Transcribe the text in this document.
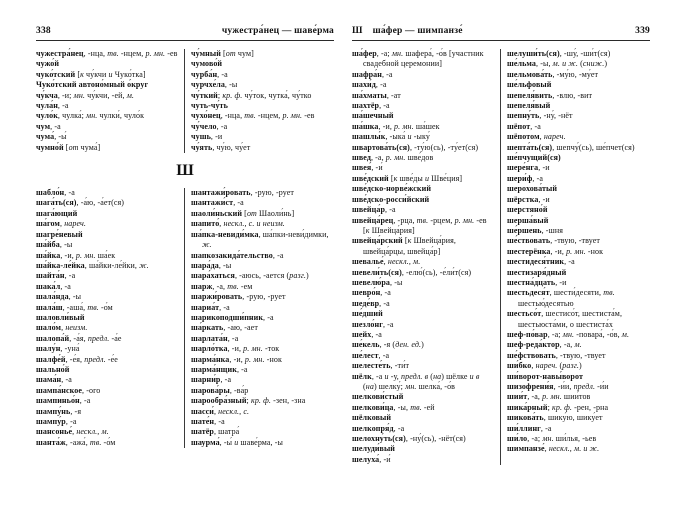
338	чужестра́нец — шаве́рма
чужестра́нец, -нца, тв. -нцем, р. мн. -ев
чужо́й
чуко́тский [к чу́кчи и Чуко́тка]
Чуко́тский автоно́мный о́круг
чу́кча, -и; мн. чу́кчи, -ей, м.
чула́н, -а
чуло́к, чулка́; мн. чулки́, чуло́к
чум, -а
чума́, -ы́
чумно́й [от чума́]
чу́мный [от чум]
чумово́й
чурба́н, -а
чурчхе́ла, -ы
чу́ткий; кр. ф. чу́ток, чутка́, чу́тко
чуть-чу́ть
чухо́нец, -нца, тв. -нцем, р. мн. -ев
чу́чело, -а
чушь, -и
чу́ять, чу́ю, чу́ет
Ш
шабло́н, -а
шага́ть(ся), -а́ю, -а́ет(ся)
шага́ющий
ша́гом, нареч.
шагре́невый
ша́йба, -ы
ша́йка, -и, р. мн. ша́ек
ша́йка-ле́йка, ша́йки-ле́йки, ж.
шайта́н, -а
шака́л, -а
шала́нда, -ы
шала́ш, -аша́, тв. -о́м
шаловли́вый
шало́м, неизм.
шалопа́й, -а́я, предл. -а́е
шалу́н, -уна́
шалфе́й, -е́я, предл. -е́е
шально́й
шама́н, -а
шампа́нское, -ого
шампиньо́н, -а
шампу́нь, -я
шампу́р, -а
шансонье́, нескл., м.
шанта́ж, -ажа́, тв. -о́м
шантажи́ровать, -рую, -рует
шантажи́ст, -а
шаоли́ньский [от Шаоли́нь]
шапито́, нескл., с. и неизм.
ша́пка-невиди́мка, ша́пки-неви́димки, ж.
шапкозакида́тельство, -а
шара́да, -ы
шара́хаться, -аюсь, -ается (разг.)
шарж, -а, тв. -ем
шаржи́ровать, -рую, -рует
шариа́т, -а
шарикоподши́пник, -а
ша́ркать, -аю, -ает
шарлата́н, -а
шарло́тка, -и, р. мн. -ток
шарма́нка, -и, р. мн. -нок
шарма́нщик, -а
шарни́р, -а
шарова́ры, -ва́р
шарообра́зный; кр. ф. -зен, -зна
шасси́, нескл., с.
шате́н, -а
шатёр, шатра́
шаурма́, -ы́ и шаве́рма, -ы
Ш ша́фер — шимпанзе́	339
ша́фер, -а; мн. шафера́, -о́в [участник свадебной церемонии]
шафра́н, -а
шахи́д, -а
ша́хматы, -ат
шахтёр, -а
ша́шечный
ша́шка, -и, р. мн. ша́шек
шашлы́к, -ыка́ и -ыку́
швартова́ть(ся), -ту́ю(сь), -ту́ет(ся)
швед, -а, р. мн. шве́дов
швея́, -и́
шве́дский [к шве́ды и Шве́ция]
шве́дско-норве́жский
шве́дско-росси́йский
швейца́р, -а
швейца́рец, -рца, тв. -рцем, р. мн. -ев [к Швейца́рия]
швейца́рский [к Швейца́рия, швейца́рцы, швейца́р]
шевалье́, нескл., м.
шевели́ть(ся), -елю́(сь), -е́ли́т(ся)
шевелю́ра, -ы
шевро́н, -а
шеде́вр, -а
ше́дший
шезло́нг, -а
шейх, -а
ше́кель, -я (ден. ед.)
ше́лест, -а
шелесте́ть, -ти́т
шёлк, -а и -у, предл. в (на) шёлке и в (на) шелку́; мн. шелка́, -о́в
шелкови́стый
шелкови́ца, -ы, тв. -ей
шёлковый
шелкопря́д, -а
шелохну́ть(ся), -ну́(сь), -нёт(ся)
шелуди́вый
шелуха́, -и́
шелуши́ть(ся), -шу́, -ши́т(ся)
ше́льма, -ы, м. и ж. (сниж.)
шельмова́ть, -му́ю, -му́ет
ше́льфовый
шепеля́вить, -влю, -вит
шепеля́вый
шепну́ть, -ну́, -нёт
шёпот, -а
шёпотом, нареч.
шепта́ть(ся), шепчу́(сь), ше́пчет(ся)
ше́пчущий(ся)
шере́нга, -и
шери́ф, -а
шерохова́тый
шёрстка, -и
шерстяно́й
шерша́вый
ше́ршень, -шня
ше́ствовать, -твую, -твует
шестерёнка, -и, р. мн. -нок
шестидеся́тник, -а
шестизаря́дный
шестна́дцать, -и
шестьдеся́т, шести́десяти, тв. шестью́десятью
шестьсо́т, шестисо́т, шестиста́м, шестьюста́ми, о шестиста́х
шеф-по́вар, -а; мн. -повара́, -о́в, м.
шеф-реда́ктор, -а, м.
ше́фствовать, -твую, -твует
ши́бко, нареч. (разг.)
ши́ворот-навы́ворот
шизофрени́я, -и́и, предл. -и́и
шии́т, -а, р. мн. шии́тов
шика́рный; кр. ф. -рен, -рна
шикова́ть, шику́ю, шику́ет
ши́ллинг, -а
ши́ло, -а; мн. ши́лья, -ьев
шимпанзе́, нескл., м. и ж.
